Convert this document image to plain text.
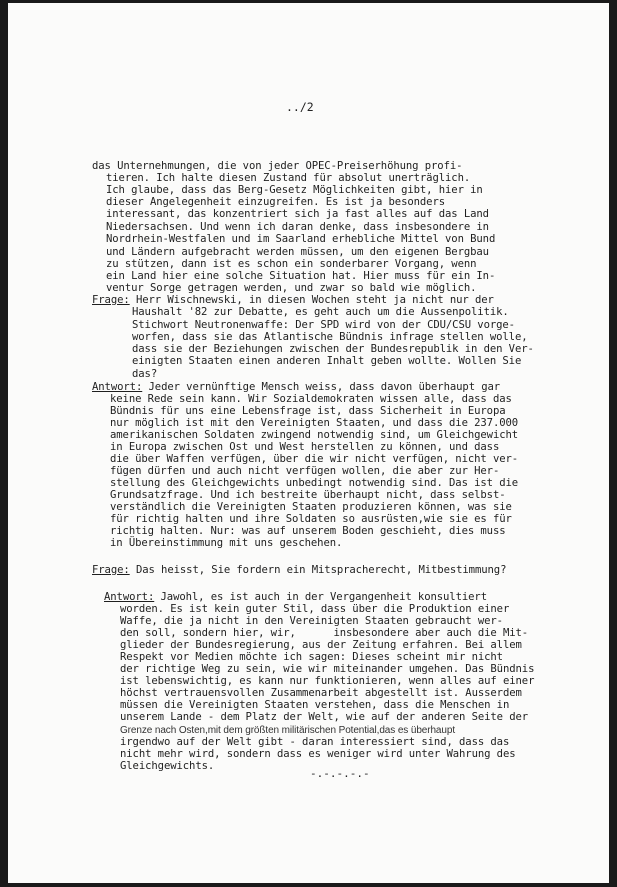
../2
das Unternehmungen, die von jeder OPEC-Preiserhöhung profi-
tieren. Ich halte diesen Zustand für absolut unerträglich.
Ich glaube, dass das Berg-Gesetz Möglichkeiten gibt, hier in
dieser Angelegenheit einzugreifen. Es ist ja besonders
interessant, das konzentriert sich ja fast alles auf das Land
Niedersachsen. Und wenn ich daran denke, dass insbesondere in
Nordrhein-Westfalen und im Saarland erhebliche Mittel von Bund
und Ländern aufgebracht werden müssen, um den eigenen Bergbau
zu stützen, dann ist es schon ein sonderbarer Vorgang, wenn
ein Land hier eine solche Situation hat. Hier muss für ein In-
ventur Sorge getragen werden, und zwar so bald wie möglich.
Frage: Herr Wischnewski, in diesen Wochen steht ja nicht nur der
Haushalt '82 zur Debatte, es geht auch um die Aussenpolitik.
Stichwort Neutronenwaffe: Der SPD wird von der CDU/CSU vorge-
worfen, dass sie das Atlantische Bündnis infrage stellen wolle,
dass sie der Beziehungen zwischen der Bundesrepublik in den Ver-
einigten Staaten einen anderen Inhalt geben wollte. Wollen Sie
das?
Antwort: Jeder vernünftige Mensch weiss, dass davon überhaupt gar
keine Rede sein kann. Wir Sozialdemokraten wissen alle, dass das
Bündnis für uns eine Lebensfrage ist, dass Sicherheit in Europa
nur möglich ist mit den Vereinigten Staaten, und dass die 237.000
amerikanischen Soldaten zwingend notwendig sind, um Gleichgewicht
in Europa zwischen Ost und West herstellen zu können, und dass
die über Waffen verfügen, über die wir nicht verfügen, nicht ver-
fügen dürfen und auch nicht verfügen wollen, die aber zur Her-
stellung des Gleichgewichts unbedingt notwendig sind. Das ist die
Grundsatzfrage. Und ich bestreite überhaupt nicht, dass selbst-
verständlich die Vereinigten Staaten produzieren können, was sie
für richtig halten und ihre Soldaten so ausrüsten,wie sie es für
richtig halten. Nur: was auf unserem Boden geschieht, dies muss
in Übereinstimmung mit uns geschehen.
Frage: Das heisst, Sie fordern ein Mitspracherecht, Mitbestimmung?
Antwort: Jawohl, es ist auch in der Vergangenheit konsultiert
worden. Es ist kein guter Stil, dass über die Produktion einer
Waffe, die ja nicht in den Vereinigten Staaten gebraucht wer-
den soll, sondern hier, wir,      insbesondere aber auch die Mit-
glieder der Bundesregierung, aus der Zeitung erfahren. Bei allem
Respekt vor Medien möchte ich sagen: Dieses scheint mir nicht
der richtige Weg zu sein, wie wir miteinander umgehen. Das Bündnis
ist lebenswichtig, es kann nur funktionieren, wenn alles auf einer
höchst vertrauensvollen Zusammenarbeit abgestellt ist. Ausserdem
müssen die Vereinigten Staaten verstehen, dass die Menschen in
unserem Lande - dem Platz der Welt, wie auf der anderen Seite der
Grenze nach Osten,mit dem größten militärischen Potential,das es überhaupt
irgendwo auf der Welt gibt - daran interessiert sind, dass das
nicht mehr wird, sondern dass es weniger wird unter Wahrung des
Gleichgewichts.
-.-.-.-.-
